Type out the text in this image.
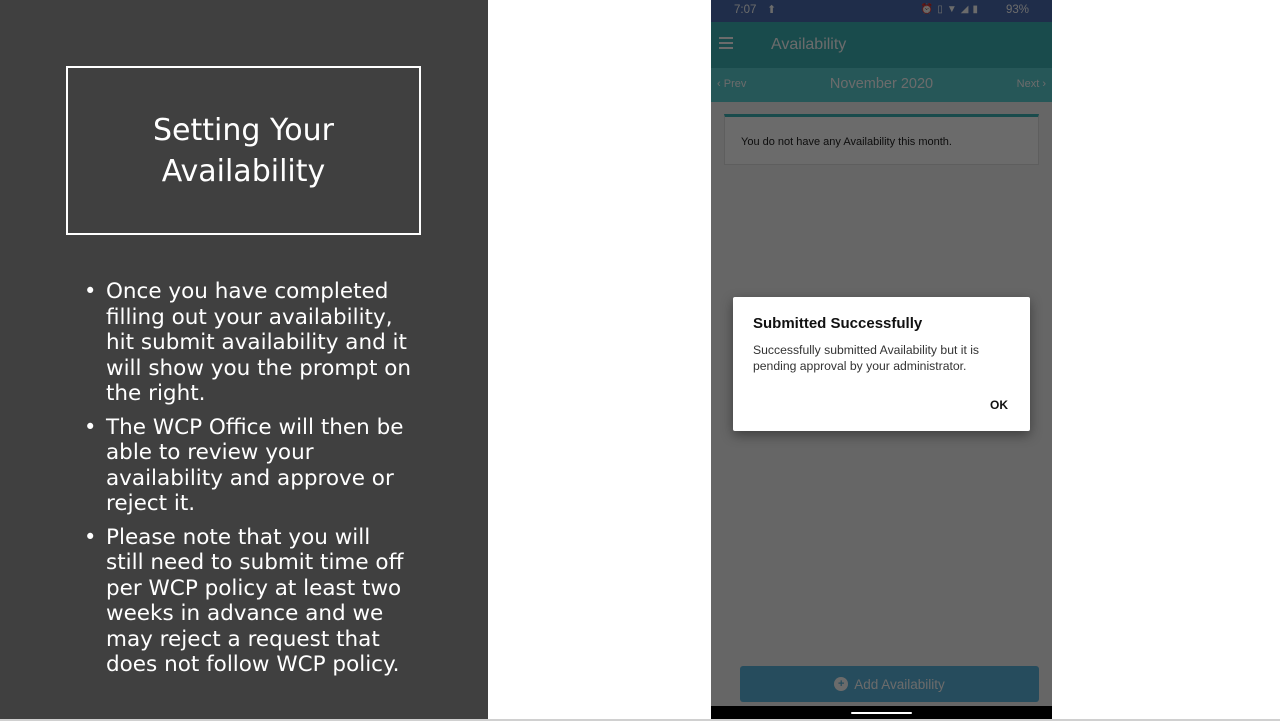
Setting Your Availability
• Once you have completed filling out your availability, hit submit availability and it will show you the prompt on the right.
• The WCP Office will then be able to review your availability and approve or reject it.
• Please note that you will still need to submit time off per WCP policy at least two weeks in advance and we may reject a request that does not follow WCP policy.
Submitted Successfully
Successfully submitted Availability but it is pending approval by your administrator.
OK
